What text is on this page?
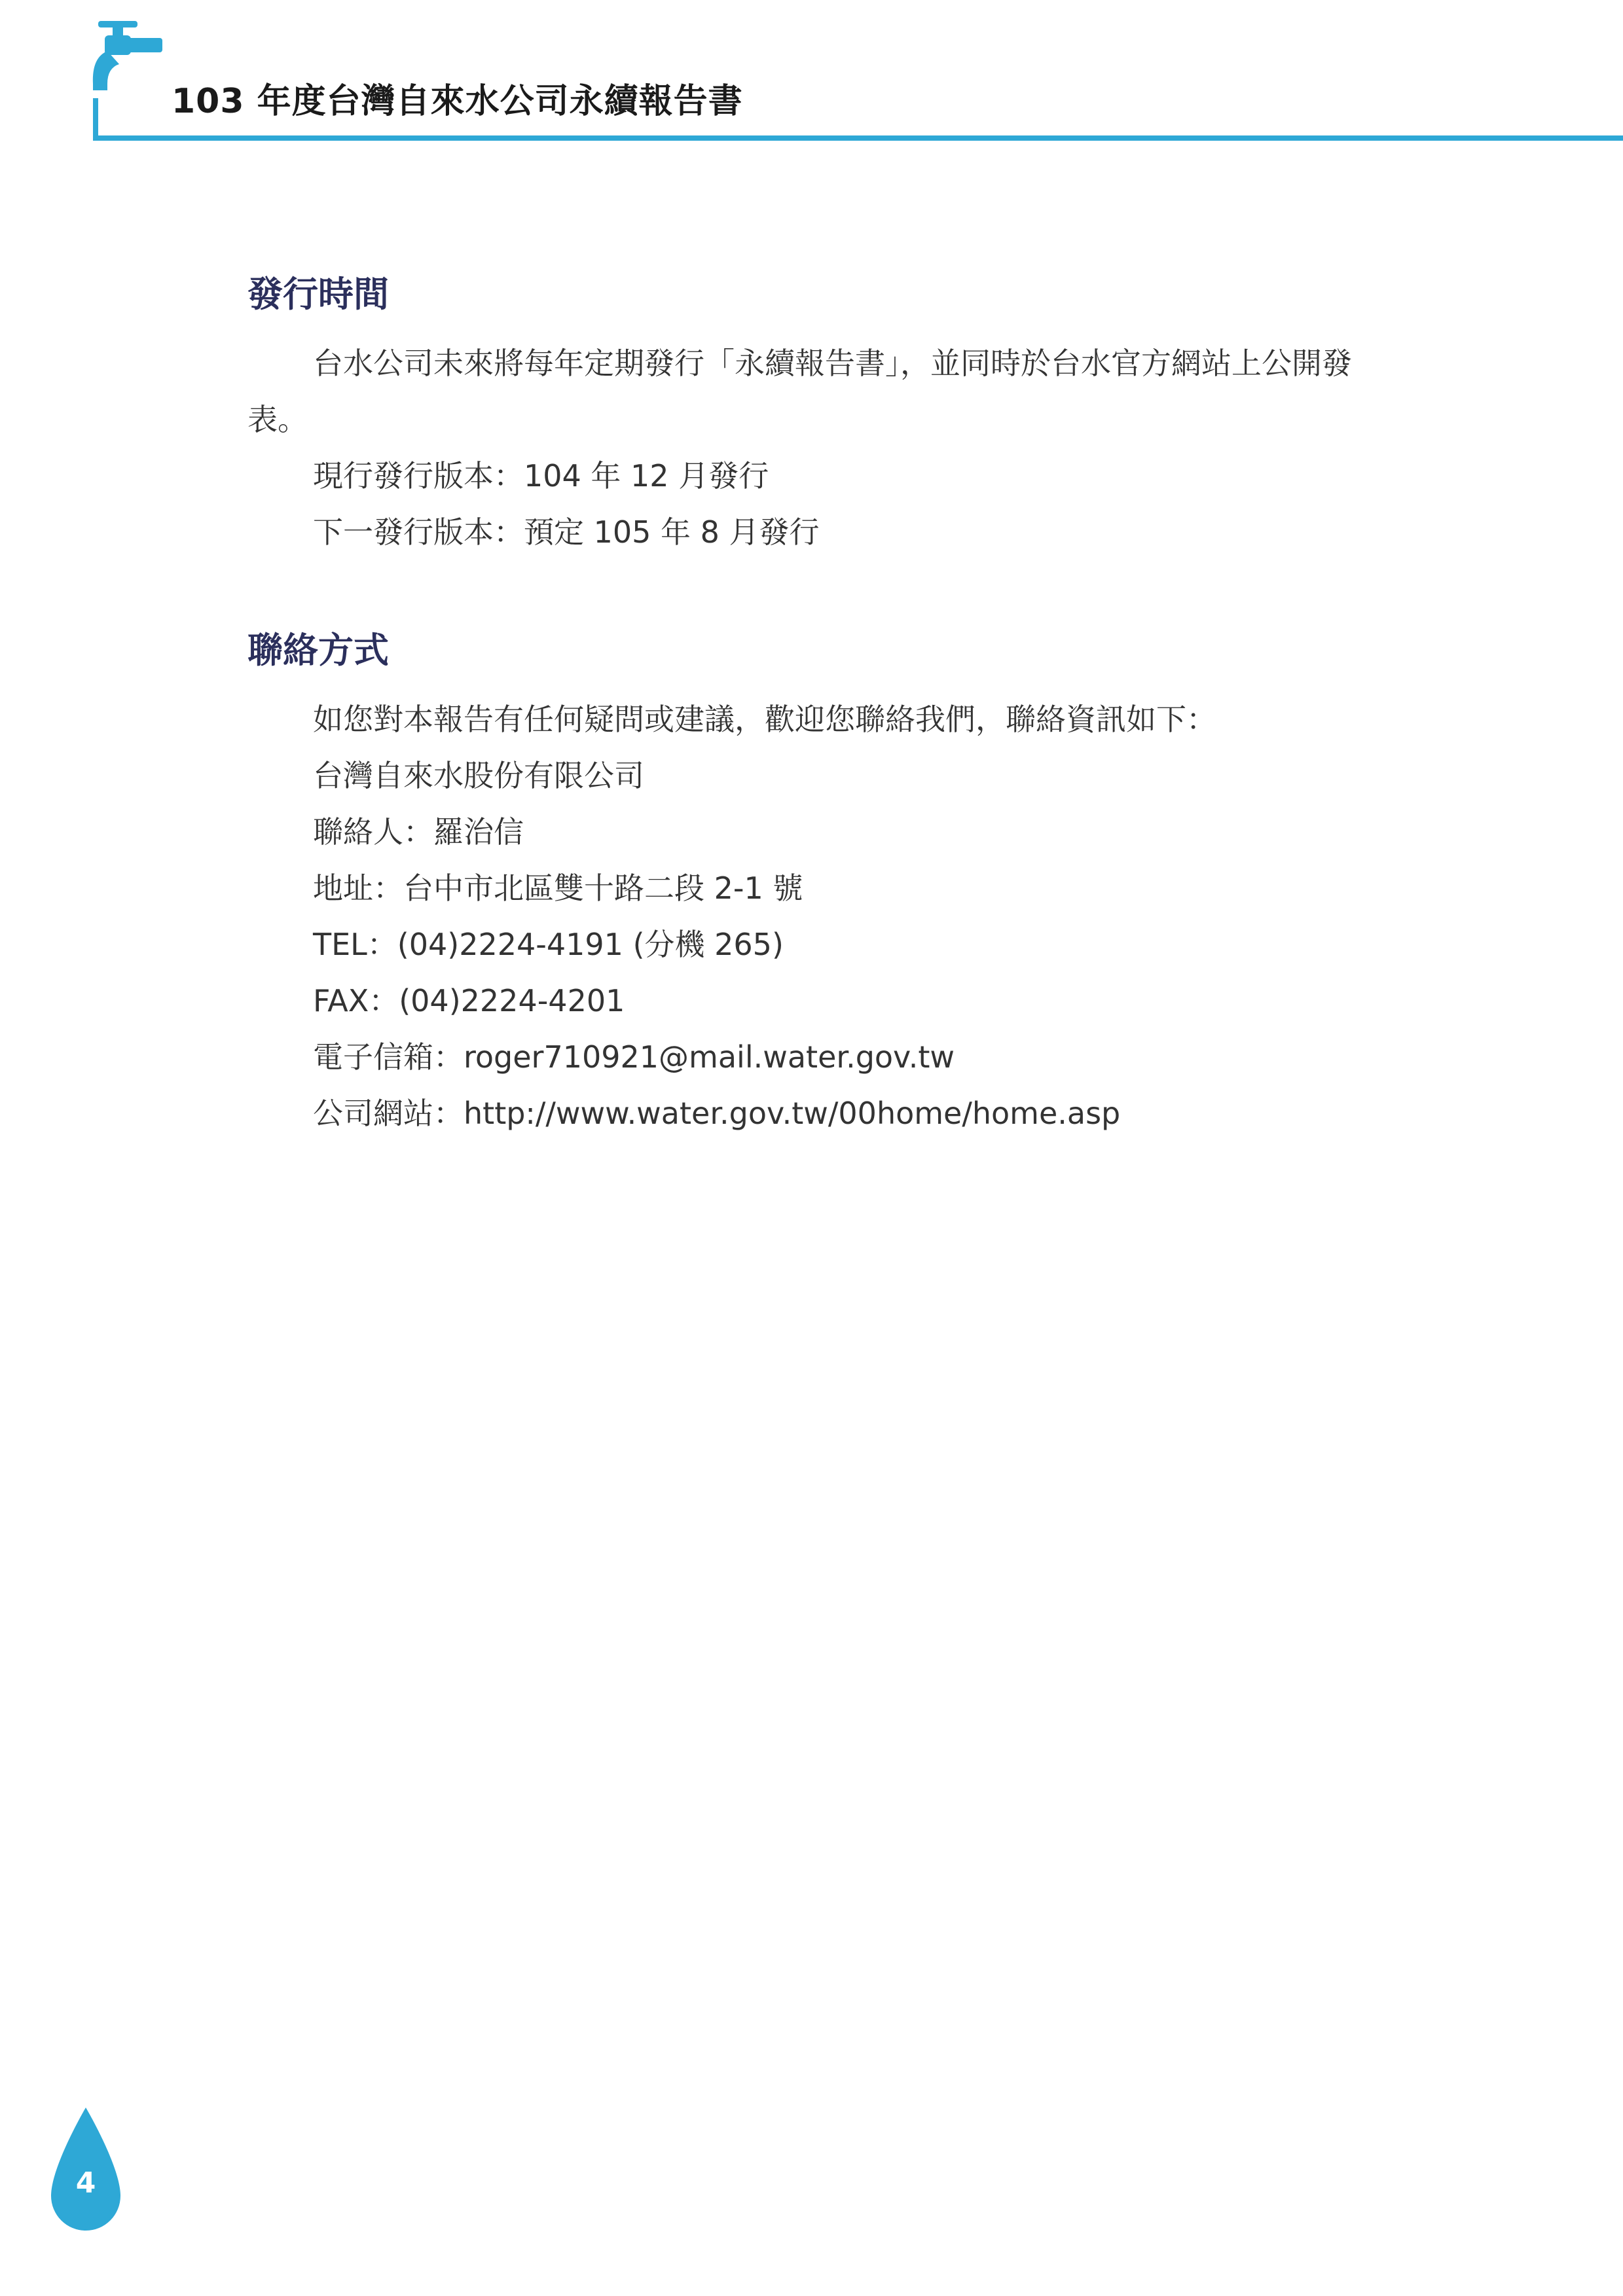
103 年度台灣自來水公司永續報告書
發行時間

台水公司未來將每年定期發行「永續報告書」，並同時於台水官方網站上公開發表。

現行發行版本：104 年 12 月發行

下一發行版本：預定 105 年 8 月發行

聯絡方式

如您對本報告有任何疑問或建議，歡迎您聯絡我們，聯絡資訊如下：

台灣自來水股份有限公司

聯絡人：羅治信

地址：台中市北區雙十路二段 2-1 號

TEL：(04)2224-4191 (分機 265)

FAX：(04)2224-4201

電子信箱：roger710921@mail.water.gov.tw

公司網站：http://www.water.gov.tw/00home/home.asp

4
